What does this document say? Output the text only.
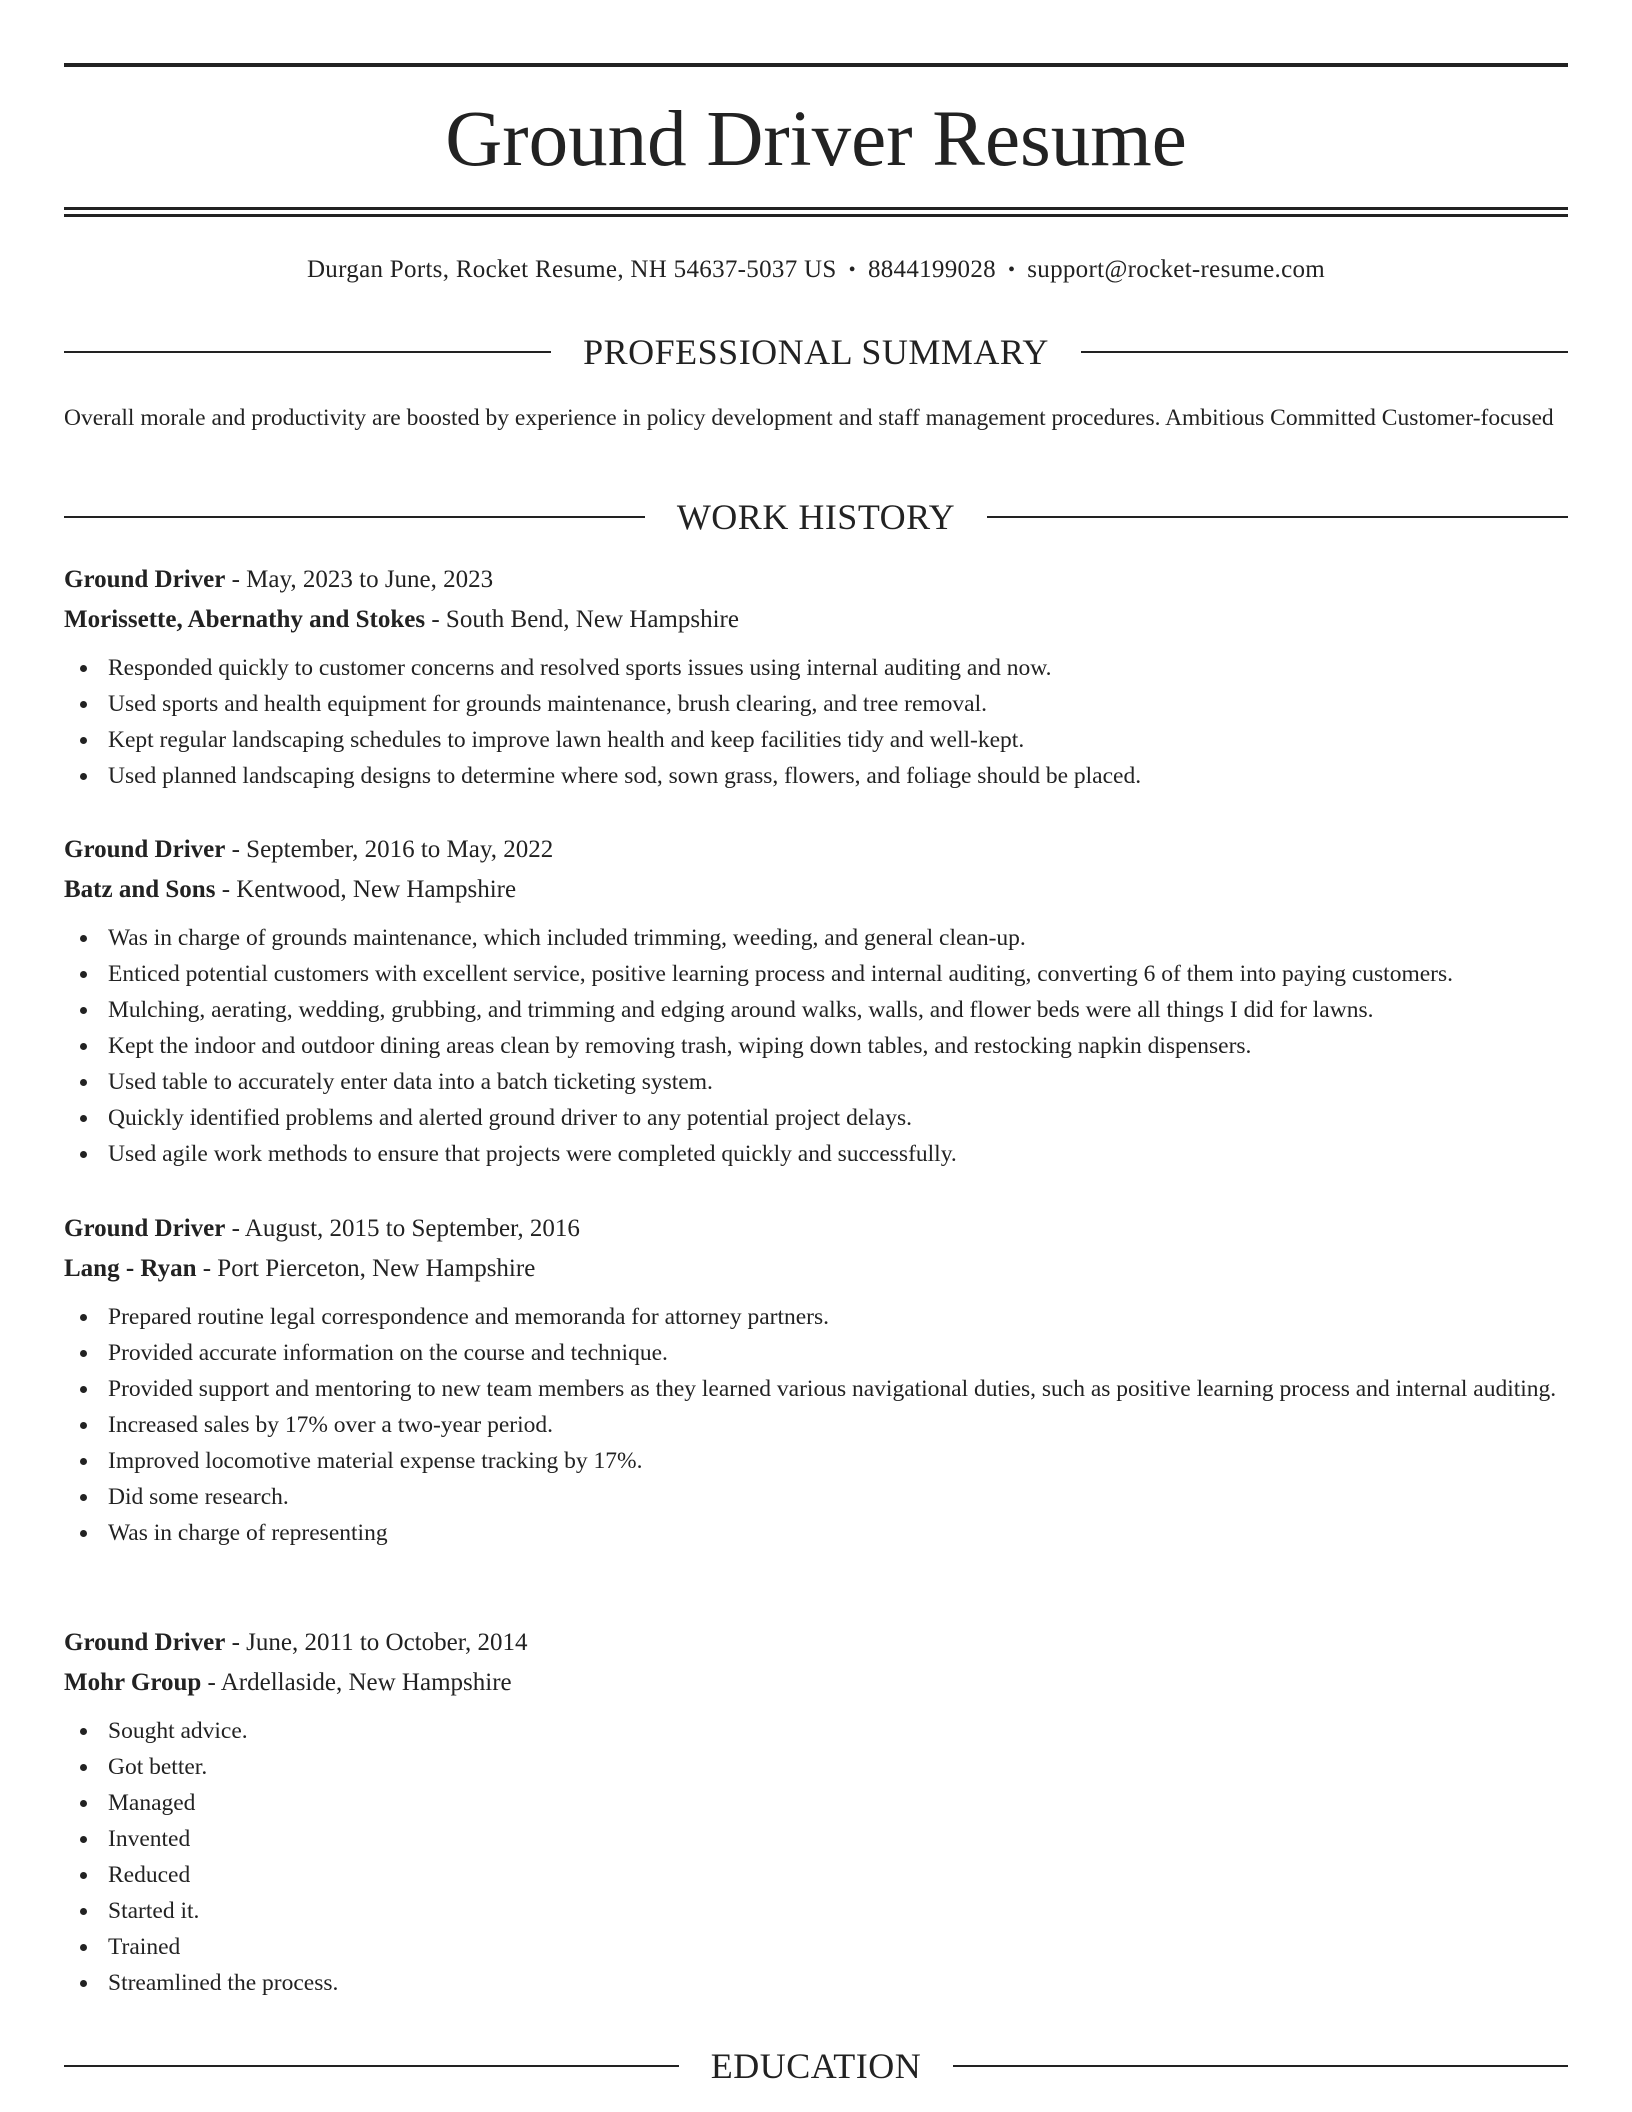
Ground Driver Resume
Durgan Ports, Rocket Resume, NH 54637-5037 US • 8844199028 • support@rocket-resume.com
PROFESSIONAL SUMMARY

Overall morale and productivity are boosted by experience in policy development and staff management procedures. Ambitious Committed Customer-focused

WORK HISTORY

Ground Driver - May, 2023 to June, 2023

Morissette, Abernathy and Stokes - South Bend, New Hampshire

Responded quickly to customer concerns and resolved sports issues using internal auditing and now.
Used sports and health equipment for grounds maintenance, brush clearing, and tree removal.
Kept regular landscaping schedules to improve lawn health and keep facilities tidy and well-kept.
Used planned landscaping designs to determine where sod, sown grass, flowers, and foliage should be placed.

Ground Driver - September, 2016 to May, 2022

Batz and Sons - Kentwood, New Hampshire

Was in charge of grounds maintenance, which included trimming, weeding, and general clean-up.
Enticed potential customers with excellent service, positive learning process and internal auditing, converting 6 of them into paying customers.
Mulching, aerating, wedding, grubbing, and trimming and edging around walks, walls, and flower beds were all things I did for lawns.
Kept the indoor and outdoor dining areas clean by removing trash, wiping down tables, and restocking napkin dispensers.
Used table to accurately enter data into a batch ticketing system.
Quickly identified problems and alerted ground driver to any potential project delays.
Used agile work methods to ensure that projects were completed quickly and successfully.

Ground Driver - August, 2015 to September, 2016

Lang - Ryan - Port Pierceton, New Hampshire

Prepared routine legal correspondence and memoranda for attorney partners.
Provided accurate information on the course and technique.
Provided support and mentoring to new team members as they learned various navigational duties, such as positive learning process and internal auditing.
Increased sales by 17% over a two-year period.
Improved locomotive material expense tracking by 17%.
Did some research.
Was in charge of representing

Ground Driver - June, 2011 to October, 2014

Mohr Group - Ardellaside, New Hampshire

Sought advice.
Got better.
Managed
Invented
Reduced
Started it.
Trained
Streamlined the process.
EDUCATION
